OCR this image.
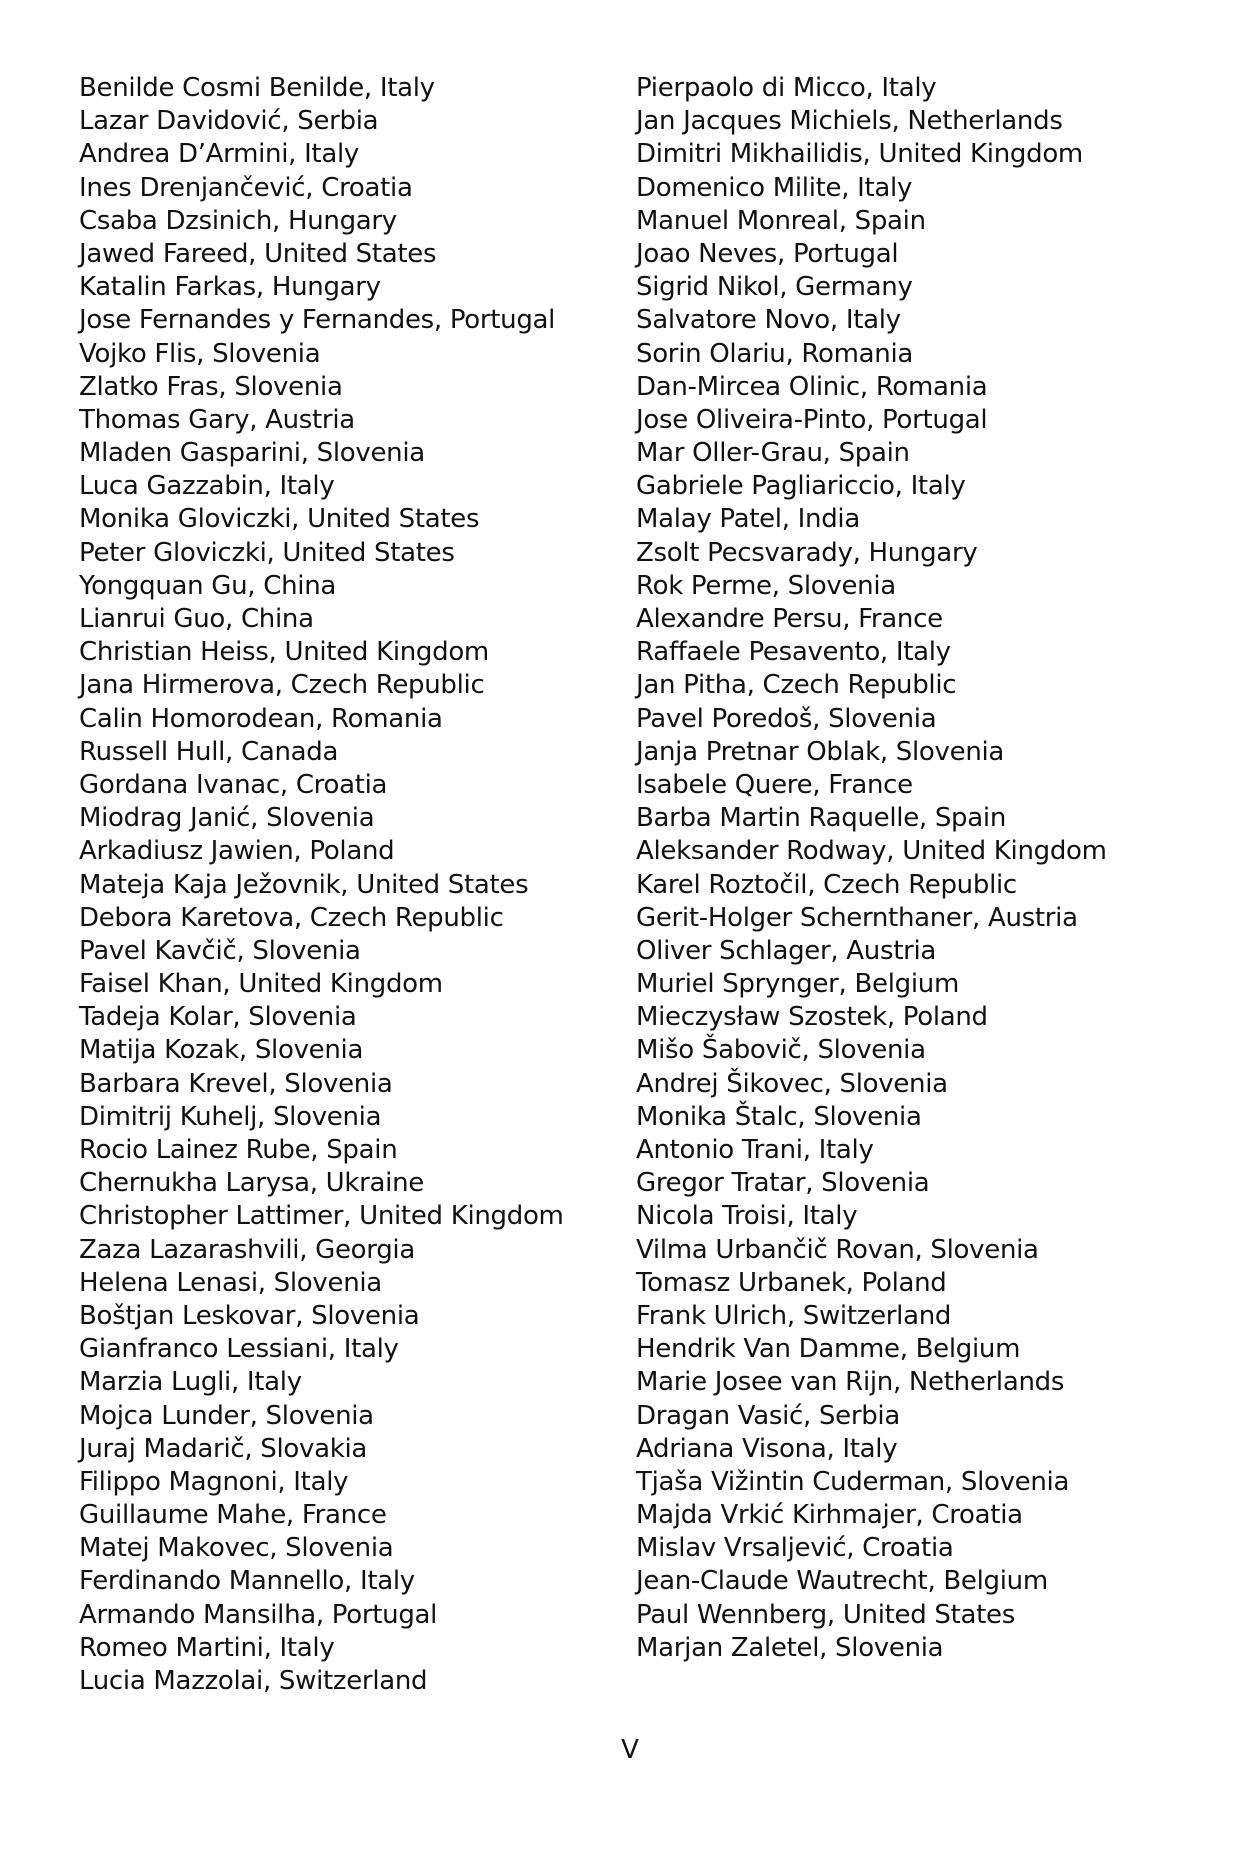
Benilde Cosmi Benilde, Italy
Lazar Davidović, Serbia
Andrea D’Armini, Italy
Ines Drenjančević, Croatia
Csaba Dzsinich, Hungary
Jawed Fareed, United States
Katalin Farkas, Hungary
Jose Fernandes y Fernandes, Portugal
Vojko Flis, Slovenia
Zlatko Fras, Slovenia
Thomas Gary, Austria
Mladen Gasparini, Slovenia
Luca Gazzabin, Italy
Monika Gloviczki, United States
Peter Gloviczki, United States
Yongquan Gu, China
Lianrui Guo, China
Christian Heiss, United Kingdom
Jana Hirmerova, Czech Republic
Calin Homorodean, Romania
Russell Hull, Canada
Gordana Ivanac, Croatia
Miodrag Janić, Slovenia
Arkadiusz Jawien, Poland
Mateja Kaja Ježovnik, United States
Debora Karetova, Czech Republic
Pavel Kavčič, Slovenia
Faisel Khan, United Kingdom
Tadeja Kolar, Slovenia
Matija Kozak, Slovenia
Barbara Krevel, Slovenia
Dimitrij Kuhelj, Slovenia
Rocio Lainez Rube, Spain
Chernukha Larysa, Ukraine
Christopher Lattimer, United Kingdom
Zaza Lazarashvili, Georgia
Helena Lenasi, Slovenia
Boštjan Leskovar, Slovenia
Gianfranco Lessiani, Italy
Marzia Lugli, Italy
Mojca Lunder, Slovenia
Juraj Madarič, Slovakia
Filippo Magnoni, Italy
Guillaume Mahe, France
Matej Makovec, Slovenia
Ferdinando Mannello, Italy
Armando Mansilha, Portugal
Romeo Martini, Italy
Lucia Mazzolai, Switzerland
Pierpaolo di Micco, Italy
Jan Jacques Michiels, Netherlands
Dimitri Mikhailidis, United Kingdom
Domenico Milite, Italy
Manuel Monreal, Spain
Joao Neves, Portugal
Sigrid Nikol, Germany
Salvatore Novo, Italy
Sorin Olariu, Romania
Dan-Mircea Olinic, Romania
Jose Oliveira-Pinto, Portugal
Mar Oller-Grau, Spain
Gabriele Pagliariccio, Italy
Malay Patel, India
Zsolt Pecsvarady, Hungary
Rok Perme, Slovenia
Alexandre Persu, France
Raffaele Pesavento, Italy
Jan Pitha, Czech Republic
Pavel Poredoš, Slovenia
Janja Pretnar Oblak, Slovenia
Isabele Quere, France
Barba Martin Raquelle, Spain
Aleksander Rodway, United Kingdom
Karel Roztočil, Czech Republic
Gerit-Holger Schernthaner, Austria
Oliver Schlager, Austria
Muriel Sprynger, Belgium
Mieczysław Szostek, Poland
Mišo Šabovič, Slovenia
Andrej Šikovec, Slovenia
Monika Štalc, Slovenia
Antonio Trani, Italy
Gregor Tratar, Slovenia
Nicola Troisi, Italy
Vilma Urbančič Rovan, Slovenia
Tomasz Urbanek, Poland
Frank Ulrich, Switzerland
Hendrik Van Damme, Belgium
Marie Josee van Rijn, Netherlands
Dragan Vasić, Serbia
Adriana Visona, Italy
Tjaša Vižintin Cuderman, Slovenia
Majda Vrkić Kirhmajer, Croatia
Mislav Vrsaljević, Croatia
Jean-Claude Wautrecht, Belgium
Paul Wennberg, United States
Marjan Zaletel, Slovenia
V
